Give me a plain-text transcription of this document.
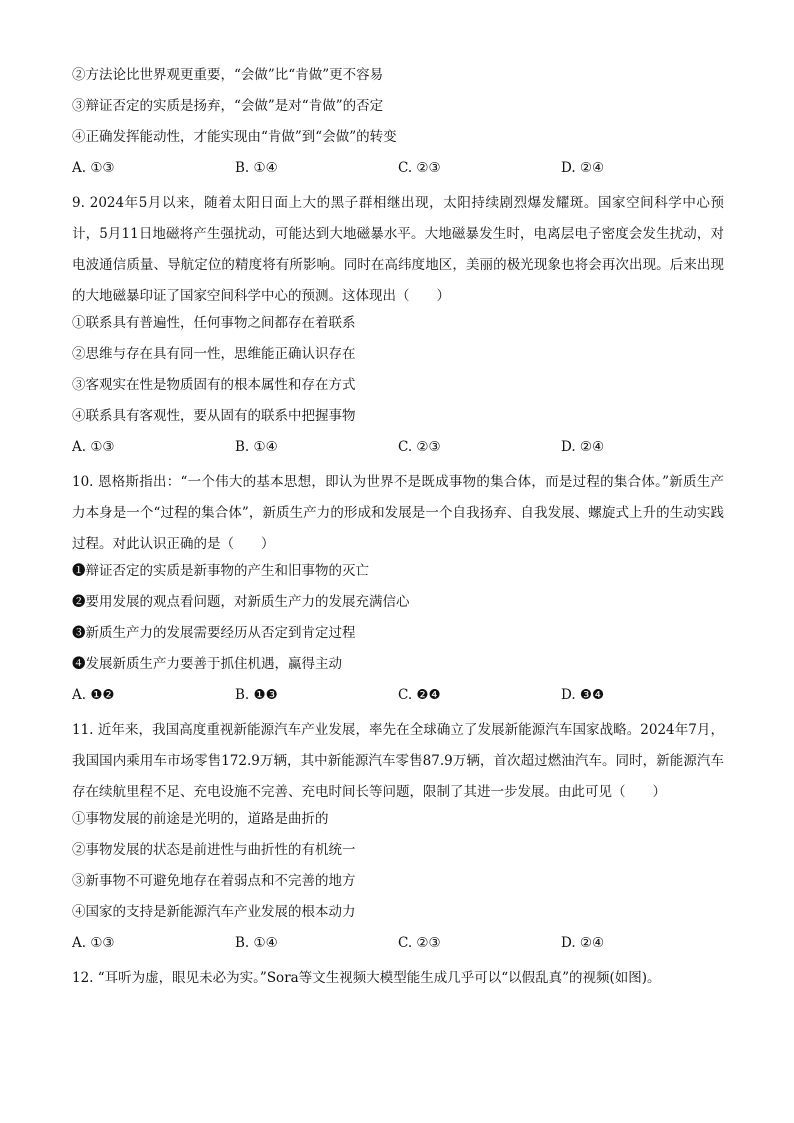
②方法论比世界观更重要，“会做”比“肯做”更不容易
③辩证否定的实质是扬弃，“会做”是对“肯做”的否定
④正确发挥能动性，才能实现由“肯做”到“会做”的转变
A. ①③	B. ①④	C. ②③	D. ②④

9. 2024年5月以来，随着太阳日面上大的黑子群相继出现，太阳持续剧烈爆发耀斑。国家空间科学中心预计，5月11日地磁将产生强扰动，可能达到大地磁暴水平。大地磁暴发生时，电离层电子密度会发生扰动，对电波通信质量、导航定位的精度将有所影响。同时在高纬度地区，美丽的极光现象也将会再次出现。后来出现的大地磁暴印证了国家空间科学中心的预测。这体现出（　　）

①联系具有普遍性，任何事物之间都存在着联系
②思维与存在具有同一性，思维能正确认识存在
③客观实在性是物质固有的根本属性和存在方式
④联系具有客观性，要从固有的联系中把握事物
A. ①③	B. ①④	C. ②③	D. ②④

10. 恩格斯指出：“一个伟大的基本思想，即认为世界不是既成事物的集合体，而是过程的集合体。”新质生产力本身是一个“过程的集合体”，新质生产力的形成和发展是一个自我扬弃、自我发展、螺旋式上升的生动实践过程。对此认识正确的是（　　）

❶辩证否定的实质是新事物的产生和旧事物的灭亡
❷要用发展的观点看问题，对新质生产力的发展充满信心
❸新质生产力的发展需要经历从否定到肯定过程
❹发展新质生产力要善于抓住机遇，赢得主动
A. ❶❷	B. ❶❸	C. ❷❹	D. ❸❹

11. 近年来，我国高度重视新能源汽车产业发展，率先在全球确立了发展新能源汽车国家战略。2024年7月，我国国内乘用车市场零售172.9万辆，其中新能源汽车零售87.9万辆，首次超过燃油汽车。同时，新能源汽车存在续航里程不足、充电设施不完善、充电时间长等问题，限制了其进一步发展。由此可见（　　）

①事物发展的前途是光明的，道路是曲折的
②事物发展的状态是前进性与曲折性的有机统一
③新事物不可避免地存在着弱点和不完善的地方
④国家的支持是新能源汽车产业发展的根本动力
A. ①③	B. ①④	C. ②③	D. ②④

12. “耳听为虚，眼见未必为实。”Sora等文生视频大模型能生成几乎可以“以假乱真”的视频(如图)。
